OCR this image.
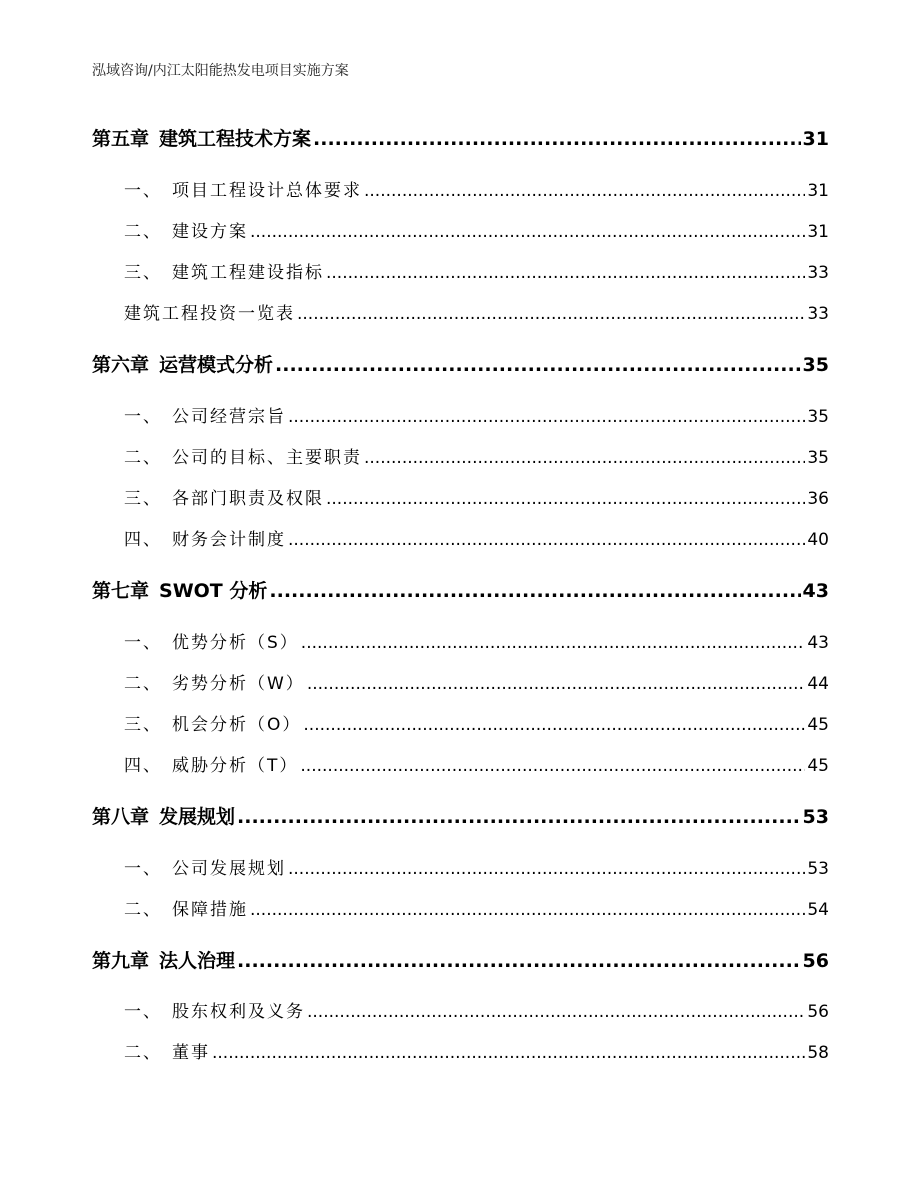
泓域咨询/内江太阳能热发电项目实施方案
第五章 建筑工程技术方案 .....	31
一、 项目工程设计总体要求 .....	31
二、 建设方案 .....	31
三、 建筑工程建设指标 .....	33
建筑工程投资一览表 .....	33
第六章 运营模式分析 .....	35
一、 公司经营宗旨 .....	35
二、 公司的目标、主要职责 .....	35
三、 各部门职责及权限 .....	36
四、 财务会计制度 .....	40
第七章 SWOT 分析 .....	43
一、 优势分析（S） .....	43
二、 劣势分析（W） .....	44
三、 机会分析（O） .....	45
四、 威胁分析（T） .....	45
第八章 发展规划 .....	53
一、 公司发展规划 .....	53
二、 保障措施 .....	54
第九章 法人治理 .....	56
一、 股东权利及义务 .....	56
二、 董事 .....	58
